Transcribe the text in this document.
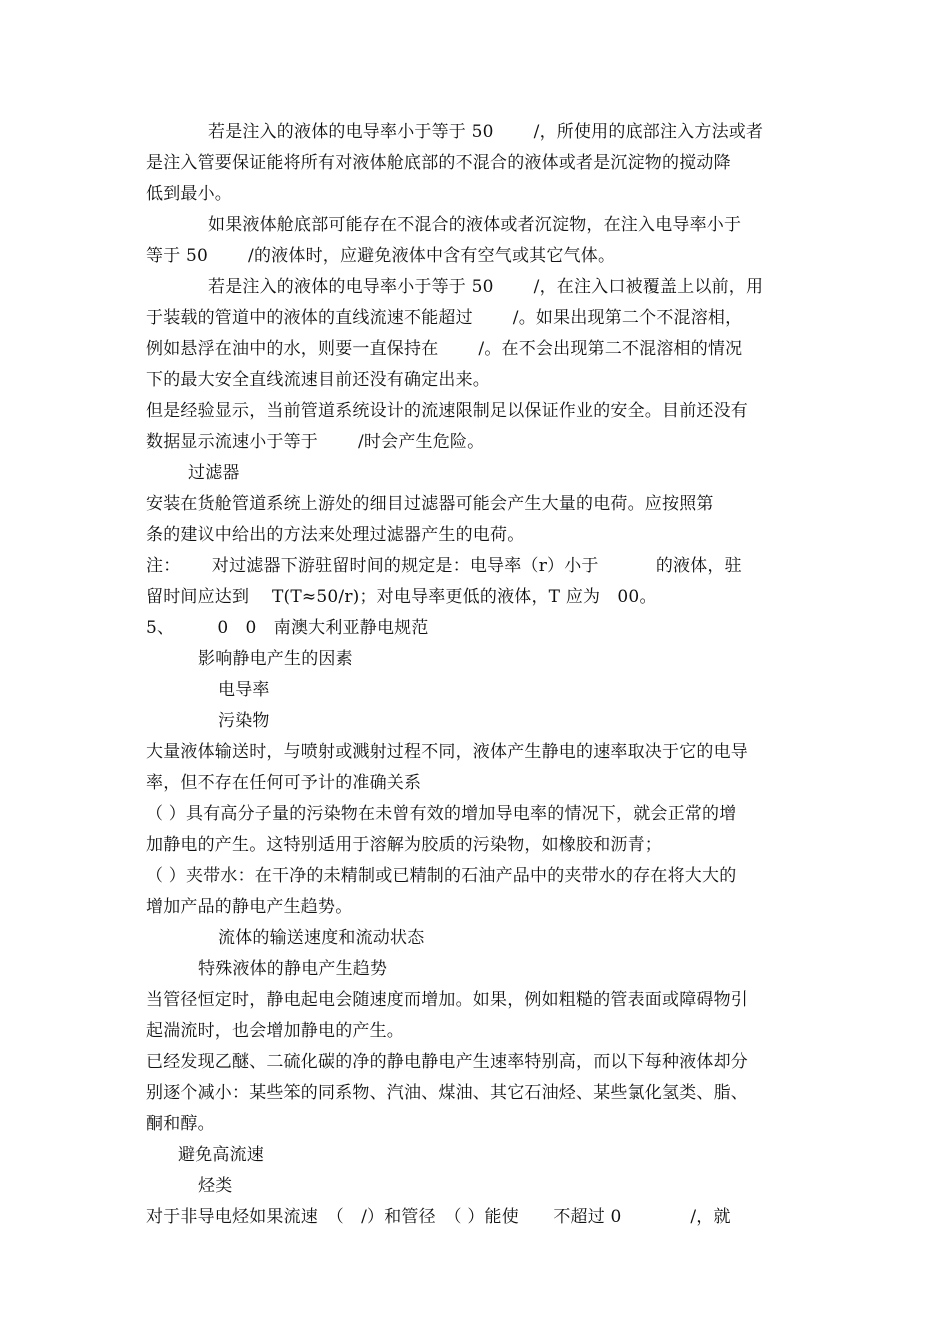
若是注入的液体的电导率小于等于 50　　 /，所使用的底部注入方法或者
是注入管要保证能将所有对液体舱底部的不混合的液体或者是沉淀物的搅动降
低到最小。
如果液体舱底部可能存在不混合的液体或者沉淀物，在注入电导率小于
等于 50　　 /的液体时，应避免液体中含有空气或其它气体。
若是注入的液体的电导率小于等于 50　　 /，在注入口被覆盖上以前，用
于装载的管道中的液体的直线流速不能超过　　 /。如果出现第二个不混溶相，
例如悬浮在油中的水，则要一直保持在　　 /。在不会出现第二不混溶相的情况
下的最大安全直线流速目前还没有确定出来。
但是经验显示，当前管道系统设计的流速限制足以保证作业的安全。目前还没有
数据显示流速小于等于　　 /时会产生危险。
过滤器
安装在货舱管道系统上游处的细目过滤器可能会产生大量的电荷。应按照第
条的建议中给出的方法来处理过滤器产生的电荷。
注：　　 对过滤器下游驻留时间的规定是：电导率（r）小于　　　 的液体，驻
留时间应达到　 T(T≈50/r)；对电导率更低的液体，T 应为　00。
5、　　　0　0　南澳大利亚静电规范
影响静电产生的因素
电导率
污染物
大量液体输送时，与喷射或溅射过程不同，液体产生静电的速率取决于它的电导
率，但不存在任何可予计的准确关系
（ ）具有高分子量的污染物在未曾有效的增加导电率的情况下，就会正常的增
加静电的产生。这特别适用于溶解为胶质的污染物，如橡胶和沥青；
（ ）夹带水：在干净的未精制或已精制的石油产品中的夹带水的存在将大大的
增加产品的静电产生趋势。
流体的输送速度和流动状态
特殊液体的静电产生趋势
当管径恒定时，静电起电会随速度而增加。如果，例如粗糙的管表面或障碍物引
起湍流时，也会增加静电的产生。
已经发现乙醚、二硫化碳的净的静电静电产生速率特别高，而以下每种液体却分
别逐个减小：某些笨的同系物、汽油、煤油、其它石油烃、某些氯化氢类、脂、
酮和醇。
避免高流速
烃类
对于非导电烃如果流速　（　/）和管径　（ ）能使　　不超过 0　　　　/，就
